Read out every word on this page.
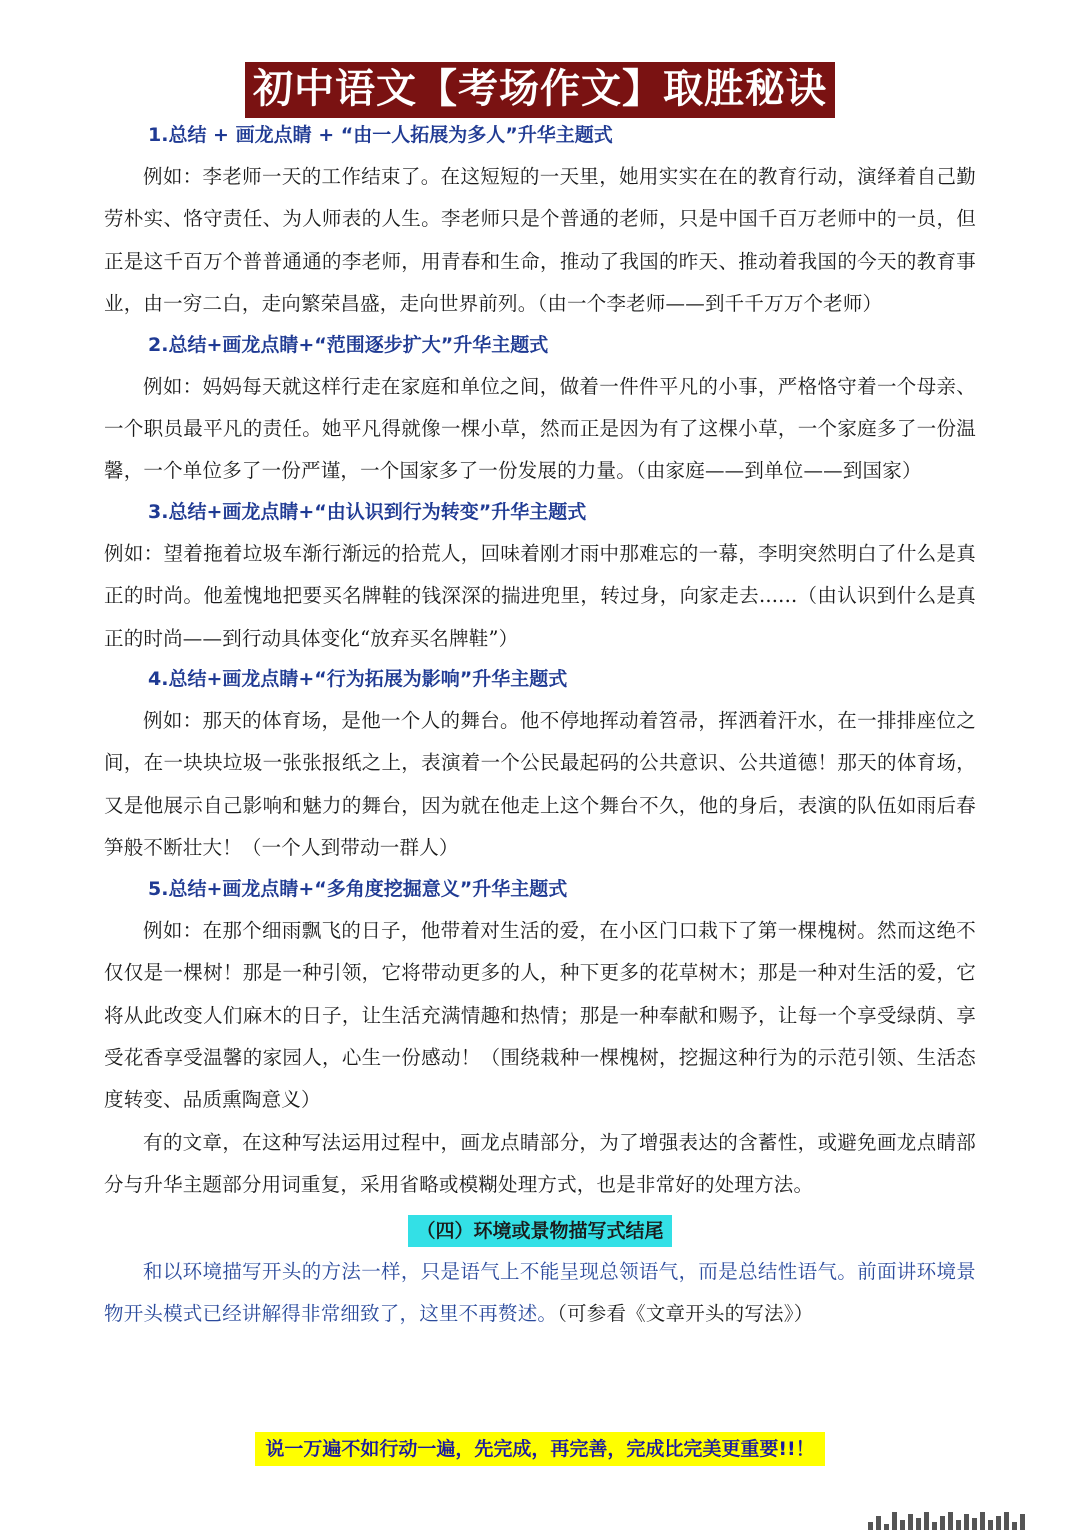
初中语文【考场作文】取胜秘诀
1.总结 + 画龙点睛 + “由一人拓展为多人”升华主题式

例如：李老师一天的工作结束了。在这短短的一天里，她用实实在在的教育行动，演绎着自己勤劳朴实、恪守责任、为人师表的人生。李老师只是个普通的老师，只是中国千百万老师中的一员，但正是这千百万个普普通通的李老师，用青春和生命，推动了我国的昨天、推动着我国的今天的教育事业，由一穷二白，走向繁荣昌盛，走向世界前列。（由一个李老师——到千千万万个老师）

2.总结+画龙点睛+“范围逐步扩大”升华主题式

例如：妈妈每天就这样行走在家庭和单位之间，做着一件件平凡的小事，严格恪守着一个母亲、一个职员最平凡的责任。她平凡得就像一棵小草，然而正是因为有了这棵小草，一个家庭多了一份温馨，一个单位多了一份严谨，一个国家多了一份发展的力量。（由家庭——到单位——到国家）

3.总结+画龙点睛+“由认识到行为转变”升华主题式

例如：望着拖着垃圾车渐行渐远的拾荒人，回味着刚才雨中那难忘的一幕，李明突然明白了什么是真正的时尚。他羞愧地把要买名牌鞋的钱深深的揣进兜里，转过身，向家走去......（由认识到什么是真正的时尚——到行动具体变化“放弃买名牌鞋”）

4.总结+画龙点睛+“行为拓展为影响”升华主题式

例如：那天的体育场，是他一个人的舞台。他不停地挥动着笤帚，挥洒着汗水，在一排排座位之间，在一块块垃圾一张张报纸之上，表演着一个公民最起码的公共意识、公共道德！那天的体育场，又是他展示自己影响和魅力的舞台，因为就在他走上这个舞台不久，他的身后，表演的队伍如雨后春笋般不断壮大！（一个人到带动一群人）

5.总结+画龙点睛+“多角度挖掘意义”升华主题式

例如：在那个细雨飘飞的日子，他带着对生活的爱，在小区门口栽下了第一棵槐树。然而这绝不仅仅是一棵树！那是一种引领，它将带动更多的人，种下更多的花草树木；那是一种对生活的爱，它将从此改变人们麻木的日子，让生活充满情趣和热情；那是一种奉献和赐予，让每一个享受绿荫、享受花香享受温馨的家园人，心生一份感动！（围绕栽种一棵槐树，挖掘这种行为的示范引领、生活态度转变、品质熏陶意义）

有的文章，在这种写法运用过程中，画龙点睛部分，为了增强表达的含蓄性，或避免画龙点睛部分与升华主题部分用词重复，采用省略或模糊处理方式，也是非常好的处理方法。

（四）环境或景物描写式结尾

和以环境描写开头的方法一样，只是语气上不能呈现总领语气，而是总结性语气。前面讲环境景物开头模式已经讲解得非常细致了，这里不再赘述。（可参看《文章开头的写法》）

说一万遍不如行动一遍，先完成，再完善，完成比完美更重要!!！
